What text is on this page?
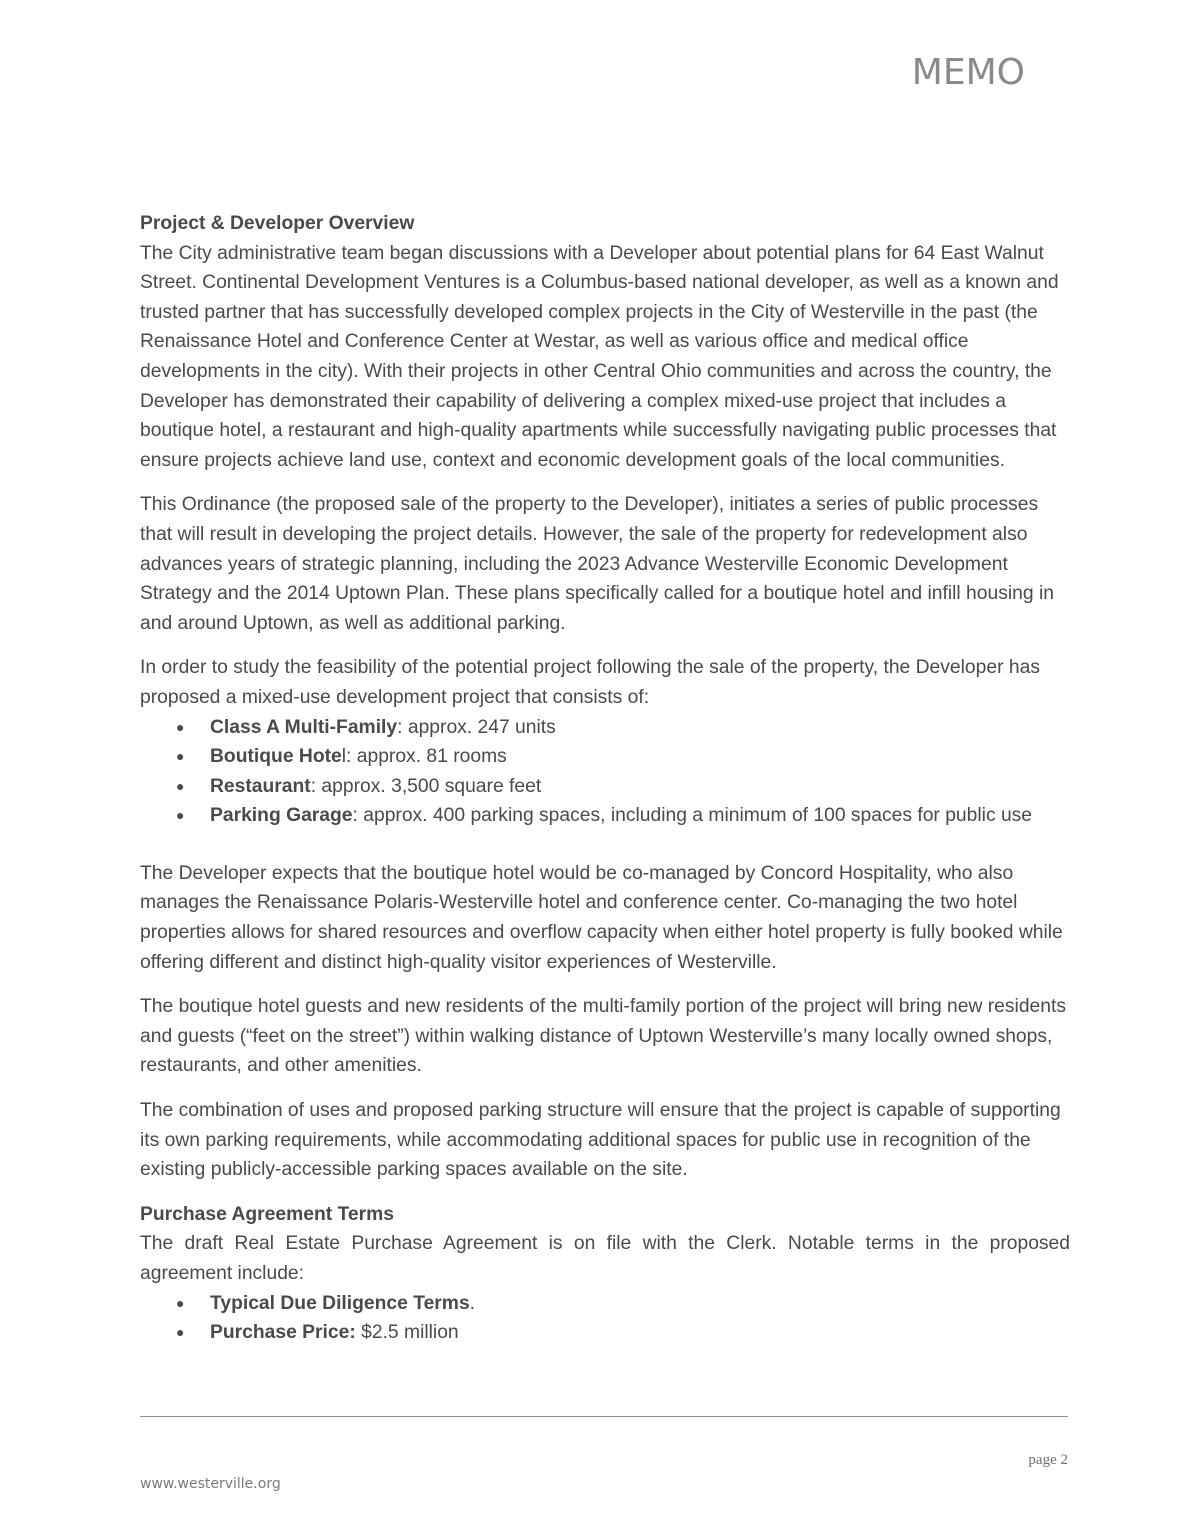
MEMO

Project & Developer Overview

The City administrative team began discussions with a Developer about potential plans for 64 East Walnut Street. Continental Development Ventures is a Columbus-based national developer, as well as a known and trusted partner that has successfully developed complex projects in the City of Westerville in the past (the Renaissance Hotel and Conference Center at Westar, as well as various office and medical office developments in the city). With their projects in other Central Ohio communities and across the country, the Developer has demonstrated their capability of delivering a complex mixed-use project that includes a boutique hotel, a restaurant and high-quality apartments while successfully navigating public processes that ensure projects achieve land use, context and economic development goals of the local communities.

This Ordinance (the proposed sale of the property to the Developer), initiates a series of public processes that will result in developing the project details. However, the sale of the property for redevelopment also advances years of strategic planning, including the 2023 Advance Westerville Economic Development Strategy and the 2014 Uptown Plan. These plans specifically called for a boutique hotel and infill housing in and around Uptown, as well as additional parking.

In order to study the feasibility of the potential project following the sale of the property, the Developer has proposed a mixed-use development project that consists of:

● Class A Multi-Family: approx. 247 units
● Boutique Hotel: approx. 81 rooms
● Restaurant: approx. 3,500 square feet
● Parking Garage: approx. 400 parking spaces, including a minimum of 100 spaces for public use

The Developer expects that the boutique hotel would be co-managed by Concord Hospitality, who also manages the Renaissance Polaris-Westerville hotel and conference center. Co-managing the two hotel properties allows for shared resources and overflow capacity when either hotel property is fully booked while offering different and distinct high-quality visitor experiences of Westerville.

The boutique hotel guests and new residents of the multi-family portion of the project will bring new residents and guests (“feet on the street”) within walking distance of Uptown Westerville’s many locally owned shops, restaurants, and other amenities.

The combination of uses and proposed parking structure will ensure that the project is capable of supporting its own parking requirements, while accommodating additional spaces for public use in recognition of the existing publicly-accessible parking spaces available on the site.

Purchase Agreement Terms

The draft Real Estate Purchase Agreement is on file with the Clerk. Notable terms in the proposed agreement include:

● Typical Due Diligence Terms.
● Purchase Price: $2.5 million
page 2
www.westerville.org
